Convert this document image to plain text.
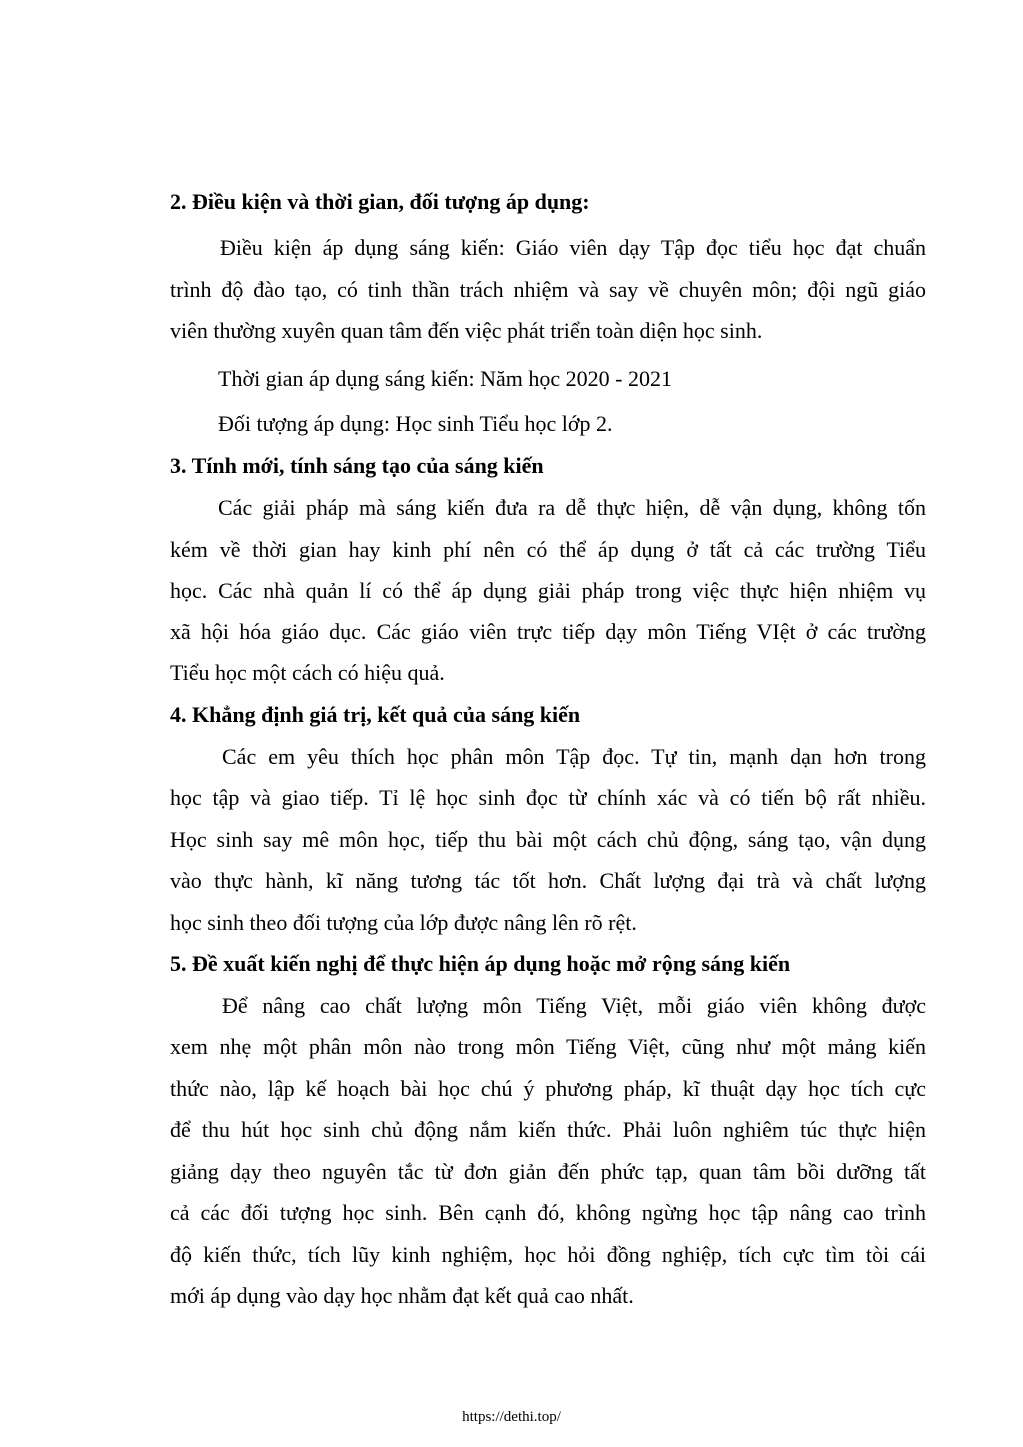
2. Điều kiện và thời gian, đối tượng áp dụng:
Điều kiện áp dụng sáng kiến: Giáo viên dạy Tập đọc tiểu học đạt chuẩn
trình độ đào tạo, có tinh thần trách nhiệm và say về chuyên môn; đội ngũ giáo
viên thường xuyên quan tâm đến việc phát triển toàn diện học sinh.
Thời gian áp dụng sáng kiến: Năm học 2020 - 2021
Đối tượng áp dụng: Học sinh Tiểu học lớp 2.
3. Tính mới, tính sáng tạo của sáng kiến
Các giải pháp mà sáng kiến đưa ra dễ thực hiện, dễ vận dụng, không tốn
kém về thời gian hay kinh phí nên có thể áp dụng ở tất cả các trường Tiểu
học. Các nhà quản lí có thể áp dụng giải pháp trong việc thực hiện nhiệm vụ
xã hội hóa giáo dục. Các giáo viên trực tiếp dạy môn Tiếng VIệt ở các trường
Tiểu học một cách có hiệu quả.
4. Khẳng định giá trị, kết quả của sáng kiến
Các em yêu thích học phân môn Tập đọc. Tự tin, mạnh dạn hơn trong
học tập và giao tiếp. Tỉ lệ học sinh đọc từ chính xác và có tiến bộ rất nhiều.
Học sinh say mê môn học, tiếp thu bài một cách chủ động, sáng tạo, vận dụng
vào thực hành, kĩ năng tương tác tốt hơn. Chất lượng đại trà và chất lượng
học sinh theo đối tượng của lớp được nâng lên rõ rệt.
5. Đề xuất kiến nghị để thực hiện áp dụng hoặc mở rộng sáng kiến
Để nâng cao chất lượng môn Tiếng Việt, mỗi giáo viên không được
xem nhẹ một phân môn nào trong môn Tiếng Việt, cũng như một mảng kiến
thức nào, lập kế hoạch bài học chú ý phương pháp, kĩ thuật dạy học tích cực
để thu hút học sinh chủ động nắm kiến thức. Phải luôn nghiêm túc thực hiện
giảng dạy theo nguyên tắc từ đơn giản đến phức tạp, quan tâm bồi dưỡng tất
cả các đối tượng học sinh. Bên cạnh đó, không ngừng học tập nâng cao trình
độ kiến thức, tích lũy kinh nghiệm, học hỏi đồng nghiệp, tích cực tìm tòi cái
mới áp dụng vào dạy học nhằm đạt kết quả cao nhất.
https://dethi.top/
